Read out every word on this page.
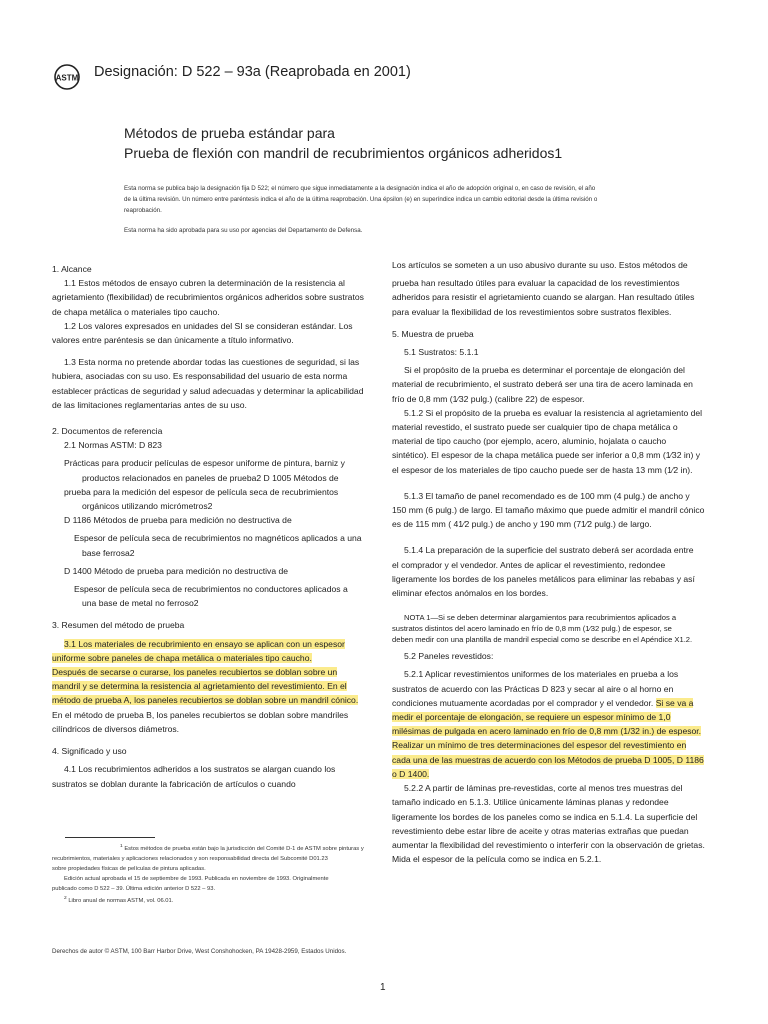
ASTM Designación: D 522 – 93a (Reaprobada en 2001)
Métodos de prueba estándar para
Prueba de flexión con mandril de recubrimientos orgánicos adheridos1

Esta norma se publica bajo la designación fija D 522; el número que sigue inmediatamente a la designación indica el año de adopción original o, en caso de revisión, el año

de la última revisión. Un número entre paréntesis indica el año de la última reaprobación. Una épsilon (e) en superíndice indica un cambio editorial desde la última revisión o

reaprobación.

Esta norma ha sido aprobada para su uso por agencias del Departamento de Defensa.

1. Alcance

1.1 Estos métodos de ensayo cubren la determinación de la resistencia al

agrietamiento (flexibilidad) de recubrimientos orgánicos adheridos sobre sustratos

de chapa metálica o materiales tipo caucho.

1.2 Los valores expresados en unidades del SI se consideran estándar. Los

valores entre paréntesis se dan únicamente a título informativo.

1.3 Esta norma no pretende abordar todas las cuestiones de seguridad, si las

hubiera, asociadas con su uso. Es responsabilidad del usuario de esta norma

establecer prácticas de seguridad y salud adecuadas y determinar la aplicabilidad

de las limitaciones reglamentarias antes de su uso.

2. Documentos de referencia

2.1 Normas ASTM: D 823

Prácticas para producir películas de espesor uniforme de pintura, barniz y

productos relacionados en paneles de prueba2 D 1005 Métodos de

prueba para la medición del espesor de película seca de recubrimientos

orgánicos utilizando micrómetros2

D 1186 Métodos de prueba para medición no destructiva de

Espesor de película seca de recubrimientos no magnéticos aplicados a una

base ferrosa2

D 1400 Método de prueba para medición no destructiva de

Espesor de película seca de recubrimientos no conductores aplicados a

una base de metal no ferroso2

3. Resumen del método de prueba

3.1 Los materiales de recubrimiento en ensayo se aplican con un espesor

uniforme sobre paneles de chapa metálica o materiales tipo caucho.

Después de secarse o curarse, los paneles recubiertos se doblan sobre un

mandril y se determina la resistencia al agrietamiento del revestimiento. En el

método de prueba A, los paneles recubiertos se doblan sobre un mandril cónico.

En el método de prueba B, los paneles recubiertos se doblan sobre mandriles

cilíndricos de diversos diámetros.

4. Significado y uso

4.1 Los recubrimientos adheridos a los sustratos se alargan cuando los

sustratos se doblan durante la fabricación de artículos o cuando

Los artículos se someten a un uso abusivo durante su uso. Estos métodos de

prueba han resultado útiles para evaluar la capacidad de los revestimientos

adheridos para resistir el agrietamiento cuando se alargan. Han resultado útiles

para evaluar la flexibilidad de los revestimientos sobre sustratos flexibles.

5. Muestra de prueba

5.1 Sustratos: 5.1.1

Si el propósito de la prueba es determinar el porcentaje de elongación del

material de recubrimiento, el sustrato deberá ser una tira de acero laminada en

frío de 0,8 mm (1⁄32 pulg.) (calibre 22) de espesor.

5.1.2 Si el propósito de la prueba es evaluar la resistencia al agrietamiento del

material revestido, el sustrato puede ser cualquier tipo de chapa metálica o

material de tipo caucho (por ejemplo, acero, aluminio, hojalata o caucho

sintético). El espesor de la chapa metálica puede ser inferior a 0,8 mm (1⁄32 in) y

el espesor de los materiales de tipo caucho puede ser de hasta 13 mm (1⁄2 in).

5.1.3 El tamaño de panel recomendado es de 100 mm (4 pulg.) de ancho y

150 mm (6 pulg.) de largo. El tamaño máximo que puede admitir el mandril cónico

es de 115 mm ( 41⁄2 pulg.) de ancho y 190 mm (71⁄2 pulg.) de largo.

5.1.4 La preparación de la superficie del sustrato deberá ser acordada entre

el comprador y el vendedor. Antes de aplicar el revestimiento, redondee

ligeramente los bordes de los paneles metálicos para eliminar las rebabas y así

eliminar efectos anómalos en los bordes.

NOTA 1—Si se deben determinar alargamientos para recubrimientos aplicados a

sustratos distintos del acero laminado en frío de 0,8 mm (1⁄32 pulg.) de espesor, se

deben medir con una plantilla de mandril especial como se describe en el Apéndice X1.2.

5.2 Paneles revestidos:

5.2.1 Aplicar revestimientos uniformes de los materiales en prueba a los

sustratos de acuerdo con las Prácticas D 823 y secar al aire o al horno en

condiciones mutuamente acordadas por el comprador y el vendedor. Si se va a

medir el porcentaje de elongación, se requiere un espesor mínimo de 1,0

milésimas de pulgada en acero laminado en frío de 0,8 mm (1/32 in.) de espesor.

Realizar un mínimo de tres determinaciones del espesor del revestimiento en

cada una de las muestras de acuerdo con los Métodos de prueba D 1005, D 1186

o D 1400.

5.2.2 A partir de láminas pre-revestidas, corte al menos tres muestras del

tamaño indicado en 5.1.3. Utilice únicamente láminas planas y redondee

ligeramente los bordes de los paneles como se indica en 5.1.4. La superficie del

revestimiento debe estar libre de aceite y otras materias extrañas que puedan

aumentar la flexibilidad del revestimiento o interferir con la observación de grietas.

Mida el espesor de la película como se indica en 5.2.1.

$^1$ Estos métodos de prueba están bajo la jurisdicción del Comité D-1 de ASTM sobre pinturas y

recubrimientos, materiales y aplicaciones relacionados y son responsabilidad directa del Subcomité D01.23

sobre propiedades físicas de películas de pintura aplicadas.

Edición actual aprobada el 15 de septiembre de 1993. Publicada en noviembre de 1993. Originalmente

publicado como D 522 – 39. Última edición anterior D 522 – 93.

$^2$ Libro anual de normas ASTM, vol. 06.01.

Derechos de autor © ASTM, 100 Barr Harbor Drive, West Conshohocken, PA 19428-2959, Estados Unidos.
1
